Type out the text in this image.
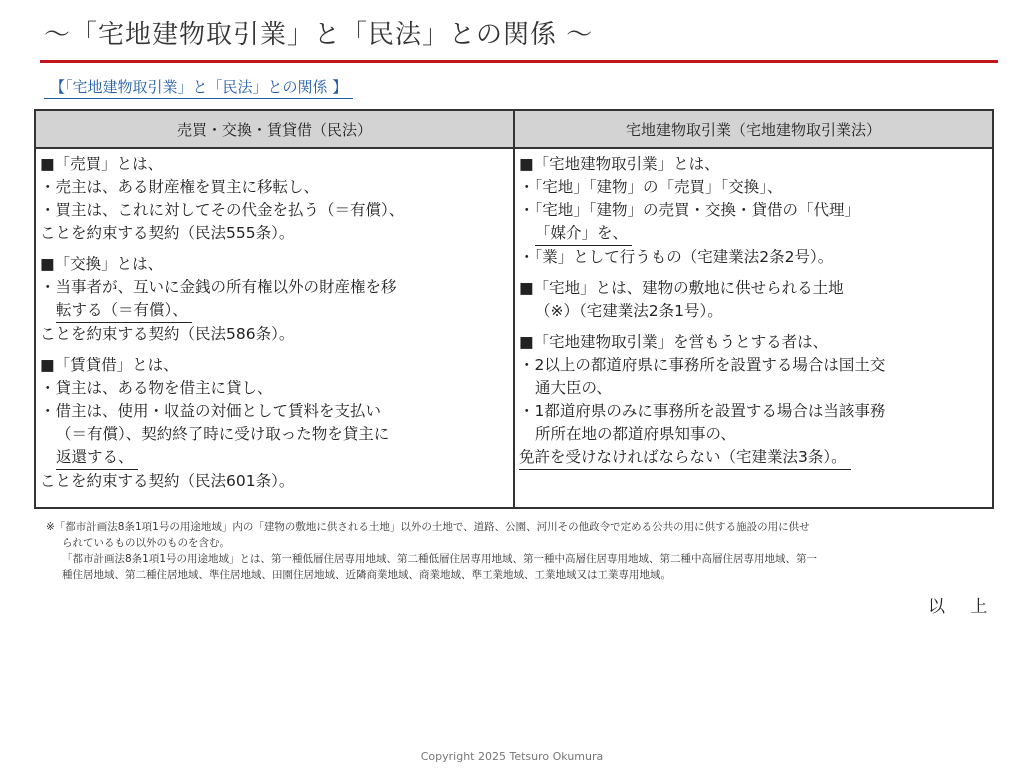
～「宅地建物取引業」と「民法」との関係 ～
【「宅地建物取引業」と「民法」との関係 】
売買・交換・賃貸借（民法）	宅地建物取引業（宅地建物取引業法）
■「売買」とは、
・売主は、ある財産権を買主に移転し、
・買主は、これに対してその代金を払う（＝有償）、
ことを約束する契約（民法555条）。
■「交換」とは、
・当事者が、互いに金銭の所有権以外の財産権を移
転する（＝有償）、
ことを約束する契約（民法586条）。
■「賃貸借」とは、
・貸主は、ある物を借主に貸し、
・借主は、使用・収益の対価として賃料を支払い
（＝有償）、契約終了時に受け取った物を貸主に
返還する、
ことを約束する契約（民法601条）。
■「宅地建物取引業」とは、
・「宅地」「建物」の「売買」「交換」、
・「宅地」「建物」の売買・交換・貸借の「代理」
「媒介」を、
・「業」として行うもの（宅建業法2条2号）。
■「宅地」とは、建物の敷地に供せられる土地
（※）（宅建業法2条1号）。
■「宅地建物取引業」を営もうとする者は、
・2以上の都道府県に事務所を設置する場合は国土交
通大臣の、
・1都道府県のみに事務所を設置する場合は当該事務
所所在地の都道府県知事の、
免許を受けなければならない（宅建業法3条）。
※「都市計画法8条1項1号の用途地域」内の「建物の敷地に供される土地」以外の土地で、道路、公園、河川その他政令で定める公共の用に供する施設の用に供せ
られているもの以外のものを含む。
「都市計画法8条1項1号の用途地域」とは、第一種低層住居専用地域、第二種低層住居専用地域、第一種中高層住居専用地域、第二種中高層住居専用地域、第一
種住居地域、第二種住居地域、準住居地域、田園住居地域、近隣商業地域、商業地域、準工業地域、工業地域又は工業専用地域。

以 上

Copyright 2025 Tetsuro Okumura
